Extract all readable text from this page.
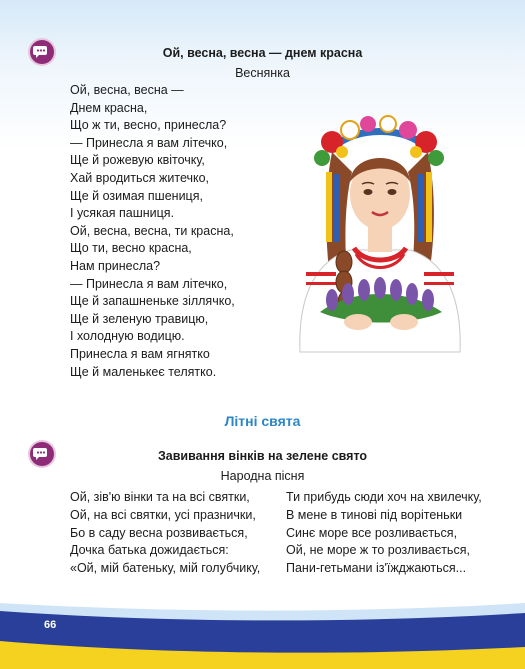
Ой, весна, весна — днем красна
Веснянка
Ой, весна, весна —
Днем красна,
Що ж ти, весно, принесла?
— Принесла я вам літечко,
Ще й рожевую квіточку,
Хай вродиться житечко,
Ще й озимая пшениця,
І усякая пашниця.
Ой, весна, весна, ти красна,
Що ти, весно красна,
Нам принесла?
— Принесла я вам літечко,
Ще й запашненьке зіллячко,
Ще й зеленую травицю,
І холодную водицю.
Принесла я вам ягнятко
Ще й маленькеє телятко.
Літні свята
Завивання вінків на зелене свято
Народна пісня
Ой, зів'ю вінки та на всі святки,
Ой, на всі святки, усі празнички,
Бо в саду весна розвивається,
Дочка батька дожидається:
«Ой, мій батеньку, мій голубчику,
Ти прибудь сюди хоч на хвилечку,
В мене в тинові під ворітеньки
Синє море все розливається,
Ой, не море ж то розливається,
Пани-гетьмани із'їжджаються...
66
